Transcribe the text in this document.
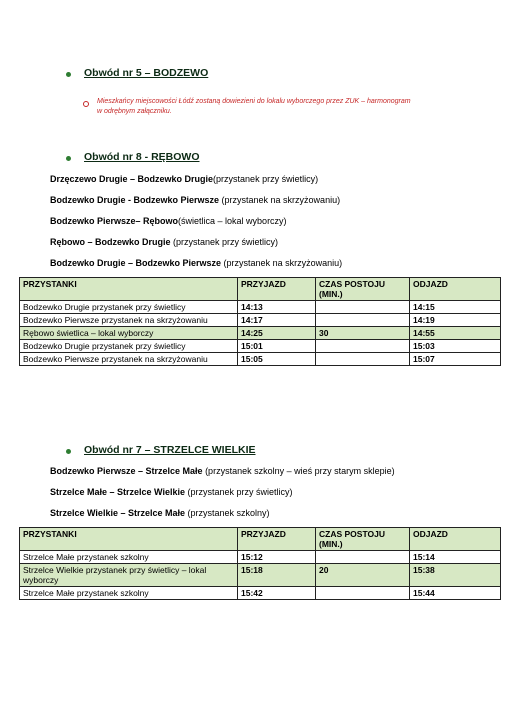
Obwód nr 5 – BODZEWO
Mieszkańcy miejscowości Łódź zostaną dowiezieni do lokalu wyborczego przez ZUK – harmonogram w odrębnym załączniku.
Obwód nr 8 - RĘBOWO
Drzęczewo Drugie – Bodzewko Drugie(przystanek przy świetlicy)
Bodzewko Drugie - Bodzewko Pierwsze (przystanek na skrzyżowaniu)
Bodzewko Pierwsze– Rębowo(świetlica – lokal wyborczy)
Rębowo – Bodzewko Drugie (przystanek przy świetlicy)
Bodzewko Drugie – Bodzewko Pierwsze (przystanek na skrzyżowaniu)
PRZYSTANKI	PRZYJAZD	CZAS POSTOJU (MIN.)	ODJAZD
Bodzewko Drugie przystanek przy świetlicy	14:13		14:15
Bodzewko Pierwsze przystanek na skrzyżowaniu	14:17		14:19
Rębowo świetlica – lokal wyborczy	14:25	30	14:55
Bodzewko Drugie przystanek przy świetlicy	15:01		15:03
Bodzewko Pierwsze przystanek na skrzyżowaniu	15:05		15:07
Obwód nr 7 – STRZELCE WIELKIE
Bodzewko Pierwsze – Strzelce Małe (przystanek szkolny – wieś przy starym sklepie)
Strzelce Małe – Strzelce Wielkie (przystanek przy świetlicy)
Strzelce Wielkie – Strzelce Małe (przystanek szkolny)
PRZYSTANKI	PRZYJAZD	CZAS POSTOJU (MIN.)	ODJAZD
Strzelce Małe przystanek szkolny	15:12		15:14
Strzelce Wielkie przystanek przy świetlicy – lokal wyborczy	15:18	20	15:38
Strzelce Małe przystanek szkolny	15:42		15:44
